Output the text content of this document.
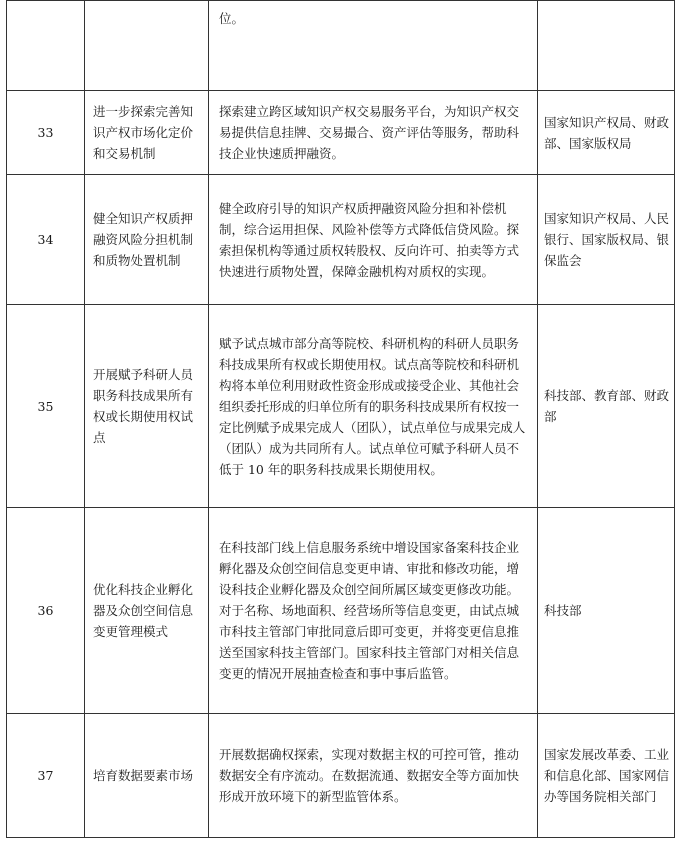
		位。	

33	进一步探索完善知识产权市场化定价和交易机制	探索建立跨区域知识产权交易服务平台，为知识产权交易提供信息挂牌、交易撮合、资产评估等服务，帮助科技企业快速质押融资。	国家知识产权局、财政部、国家版权局
34	健全知识产权质押融资风险分担机制和质物处置机制	健全政府引导的知识产权质押融资风险分担和补偿机制，综合运用担保、风险补偿等方式降低信贷风险。探索担保机构等通过质权转股权、反向许可、拍卖等方式快速进行质物处置，保障金融机构对质权的实现。	国家知识产权局、人民银行、国家版权局、银保监会
35	开展赋予科研人员职务科技成果所有权或长期使用权试点	赋予试点城市部分高等院校、科研机构的科研人员职务科技成果所有权或长期使用权。试点高等院校和科研机构将本单位利用财政性资金形成或接受企业、其他社会组织委托形成的归单位所有的职务科技成果所有权按一定比例赋予成果完成人（团队），试点单位与成果完成人（团队）成为共同所有人。试点单位可赋予科研人员不低于 10 年的职务科技成果长期使用权。	科技部、教育部、财政部
36	优化科技企业孵化器及众创空间信息变更管理模式	在科技部门线上信息服务系统中增设国家备案科技企业孵化器及众创空间信息变更申请、审批和修改功能，增设科技企业孵化器及众创空间所属区域变更修改功能。对于名称、场地面积、经营场所等信息变更，由试点城市科技主管部门审批同意后即可变更，并将变更信息推送至国家科技主管部门。国家科技主管部门对相关信息变更的情况开展抽查检查和事中事后监管。	科技部
37	培育数据要素市场	开展数据确权探索，实现对数据主权的可控可管，推动数据安全有序流动。在数据流通、数据安全等方面加快形成开放环境下的新型监管体系。	国家发展改革委、工业和信息化部、国家网信办等国务院相关部门
